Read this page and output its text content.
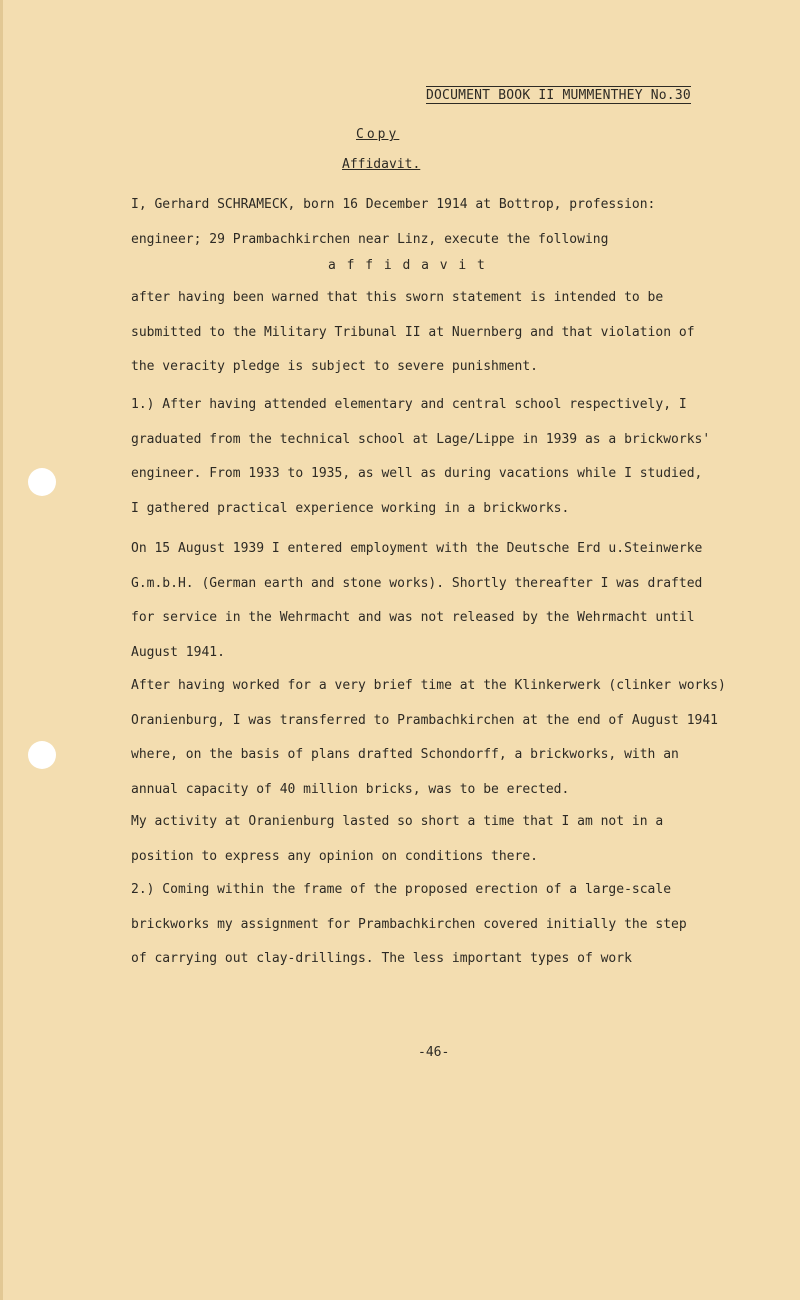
DOCUMENT BOOK II MUMMENTHEY No.30
Copy
Affidavit.
I, Gerhard SCHRAMECK, born 16 December 1914 at Bottrop, profession:
engineer; 29 Prambachkirchen near Linz, execute the following
affidavit
after having been warned that this sworn statement is intended to be
submitted to the Military Tribunal II at Nuernberg and that violation of
the veracity pledge is subject to severe punishment.
1.) After having attended elementary and central school respectively, I
graduated from the technical school at Lage/Lippe in 1939 as a brickworks'
engineer. From 1933 to 1935, as well as during vacations while I studied,
I gathered practical experience working in a brickworks.
On 15 August 1939 I entered employment with the Deutsche Erd u.Steinwerke
G.m.b.H. (German earth and stone works). Shortly thereafter I was drafted
for service in the Wehrmacht and was not released by the Wehrmacht until
August 1941.
After having worked for a very brief time at the Klinkerwerk (clinker works)
Oranienburg, I was transferred to Prambachkirchen at the end of August 1941
where, on the basis of plans drafted Schondorff, a brickworks, with an
annual capacity of 40 million bricks, was to be erected.
My activity at Oranienburg lasted so short a time that I am not in a
position to express any opinion on conditions there.
2.) Coming within the frame of the proposed erection of a large-scale
brickworks my assignment for Prambachkirchen covered initially the step
of carrying out clay-drillings. The less important types of work
-46-
